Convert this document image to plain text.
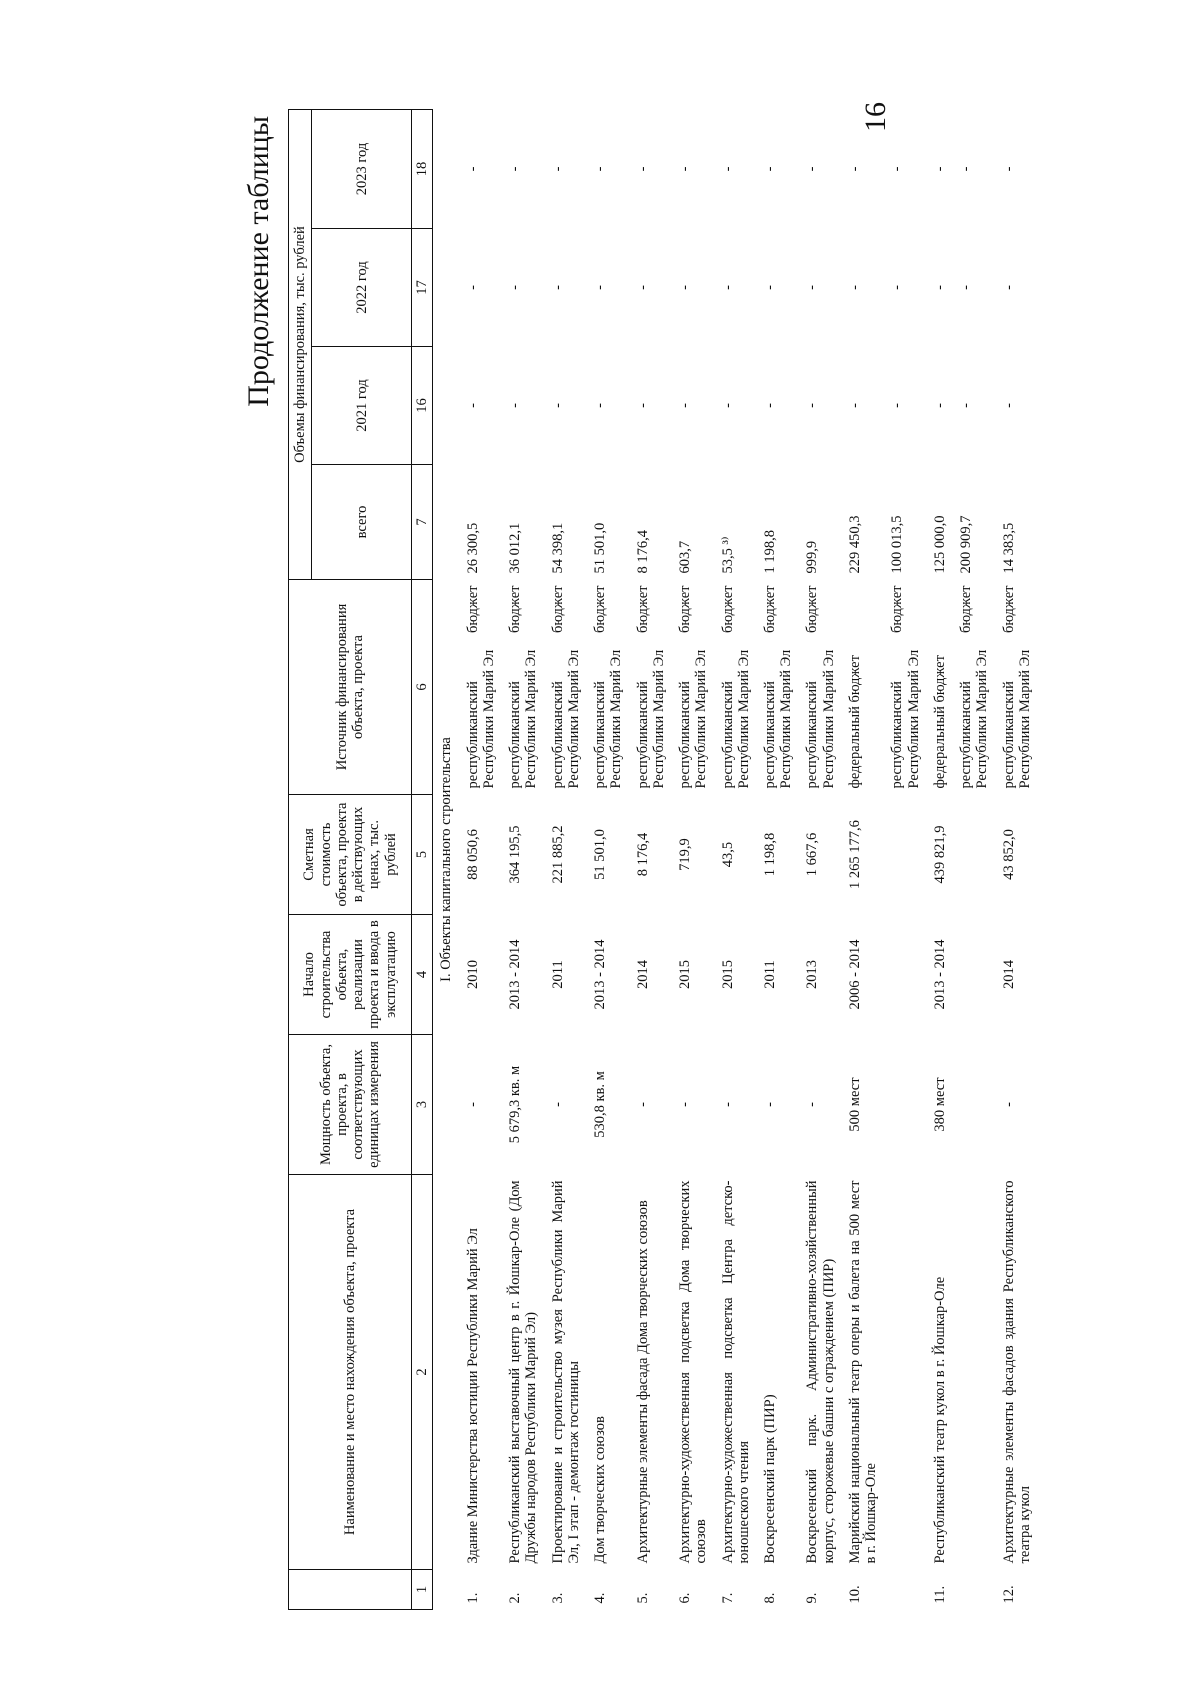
16
Продолжение таблицы
	Наименование и место нахождения объекта, проекта	Мощность объекта, проекта, в соответствующих единицах измерения	Начало строительства объекта, реализации проекта и ввода в эксплуатацию	Сметная стоимость объекта, проекта в действующих ценах, тыс. рублей	Источник финансирования объекта, проекта	Объемы финансирования, тыс. рублей			
						всего	2021 год	2022 год	2023 год
1	2	3	4	5	6	7	16	17	18
I. Объекты капитального строительства									
1.	Здание Министерства юстиции Республики Марий Эл	-	2010	88 050,6	республиканский бюджет Республики Марий Эл	26 300,5	-	-	-
2.	Республиканский выставочный центр в г. Йошкар-Оле (Дом Дружбы народов Республики Марий Эл)	5 679,3 кв. м	2013 - 2014	364 195,5	республиканский бюджет Республики Марий Эл	36 012,1	-	-	-
3.	Проектирование и строительство музея Республики Марий Эл, I этап - демонтаж гостиницы	-	2011	221 885,2	республиканский бюджет Республики Марий Эл	54 398,1	-	-	-
4.	Дом творческих союзов	530,8 кв. м	2013 - 2014	51 501,0	республиканский бюджет Республики Марий Эл	51 501,0	-	-	-
5.	Архитектурные элементы фасада Дома творческих союзов	-	2014	8 176,4	республиканский бюджет Республики Марий Эл	8 176,4	-	-	-
6.	Архитектурно-художественная подсветка Дома творческих союзов	-	2015	719,9	республиканский бюджет Республики Марий Эл	603,7	-	-	-
7.	Архитектурно-художественная подсветка Центра детско-юношеского чтения	-	2015	43,5	республиканский бюджет Республики Марий Эл	53,5 ³⁾	-	-	-
8.	Воскресенский парк (ПИР)	-	2011	1 198,8	республиканский бюджет Республики Марий Эл	1 198,8	-	-	-
9.	Воскресенский парк. Административно-хозяйственный корпус, сторожевые башни с ограждением (ПИР)	-	2013	1 667,6	республиканский бюджет Республики Марий Эл	999,9	-	-	-
10.	Марийский национальный театр оперы и балета на 500 мест в г. Йошкар-Оле	500 мест	2006 - 2014	1 265 177,6	федеральный бюджет	229 450,3	-	-	-
					республиканский бюджет Республики Марий Эл	100 013,5	-	-	-
11.	Республиканский театр кукол в г. Йошкар-Оле	380 мест	2013 - 2014	439 821,9	федеральный бюджет	125 000,0	-	-	-
					республиканский бюджет Республики Марий Эл	200 909,7	-	-	-
12.	Архитектурные элементы фасадов здания Республиканского театра кукол	-	2014	43 852,0	республиканский бюджет Республики Марий Эл	14 383,5	-	-	-
